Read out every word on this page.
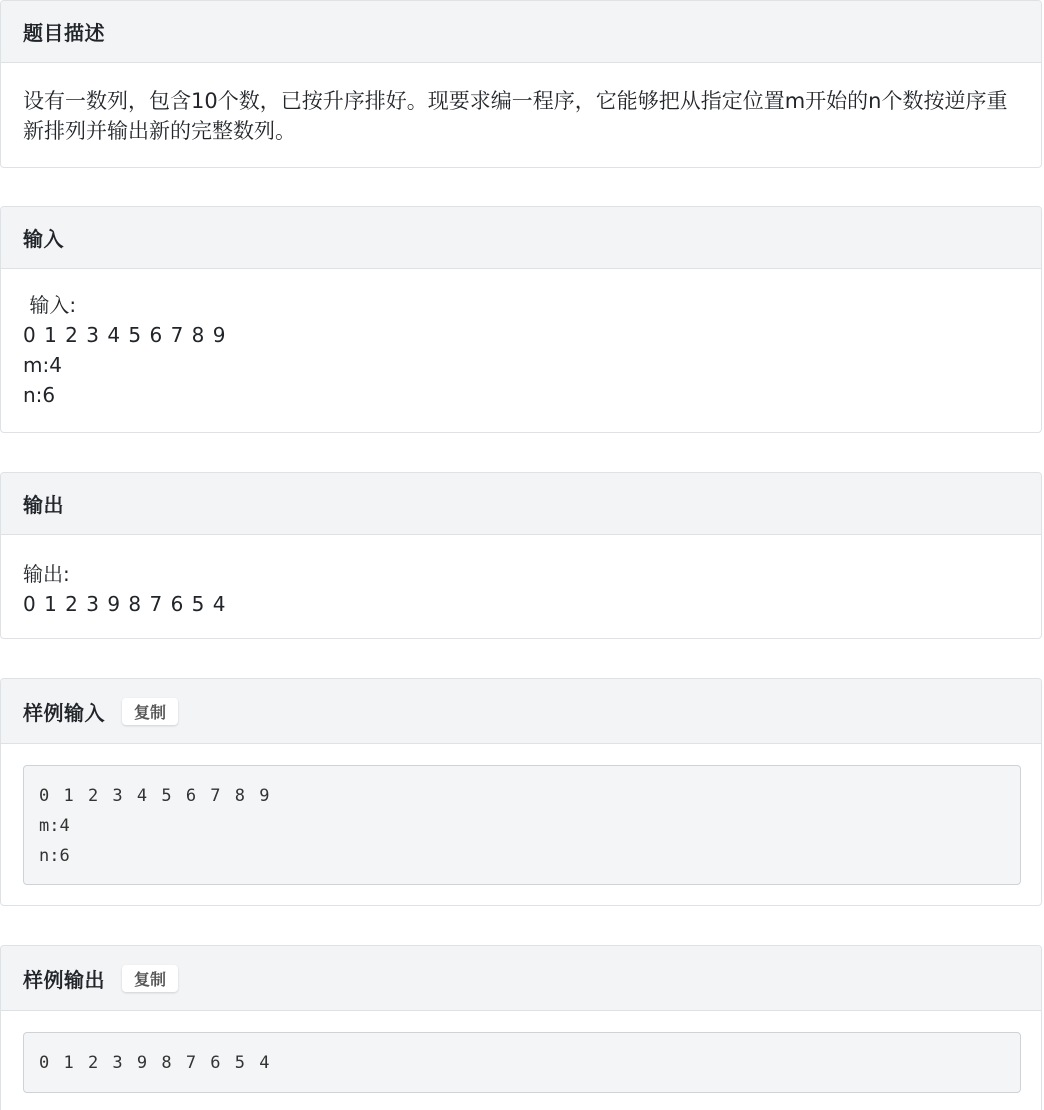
题目描述
设有一数列，包含10个数，已按升序排好。现要求编一程序，它能够把从指定位置m开始的n个数按逆序重新排列并输出新的完整数列。
输入
输入:
0 1 2 3 4 5 6 7 8 9
m:4
n:6
输出
输出:
0 1 2 3 9 8 7 6 5 4
样例输入	复制
0 1 2 3 4 5 6 7 8 9
m:4
n:6
样例输出	复制
0 1 2 3 9 8 7 6 5 4
